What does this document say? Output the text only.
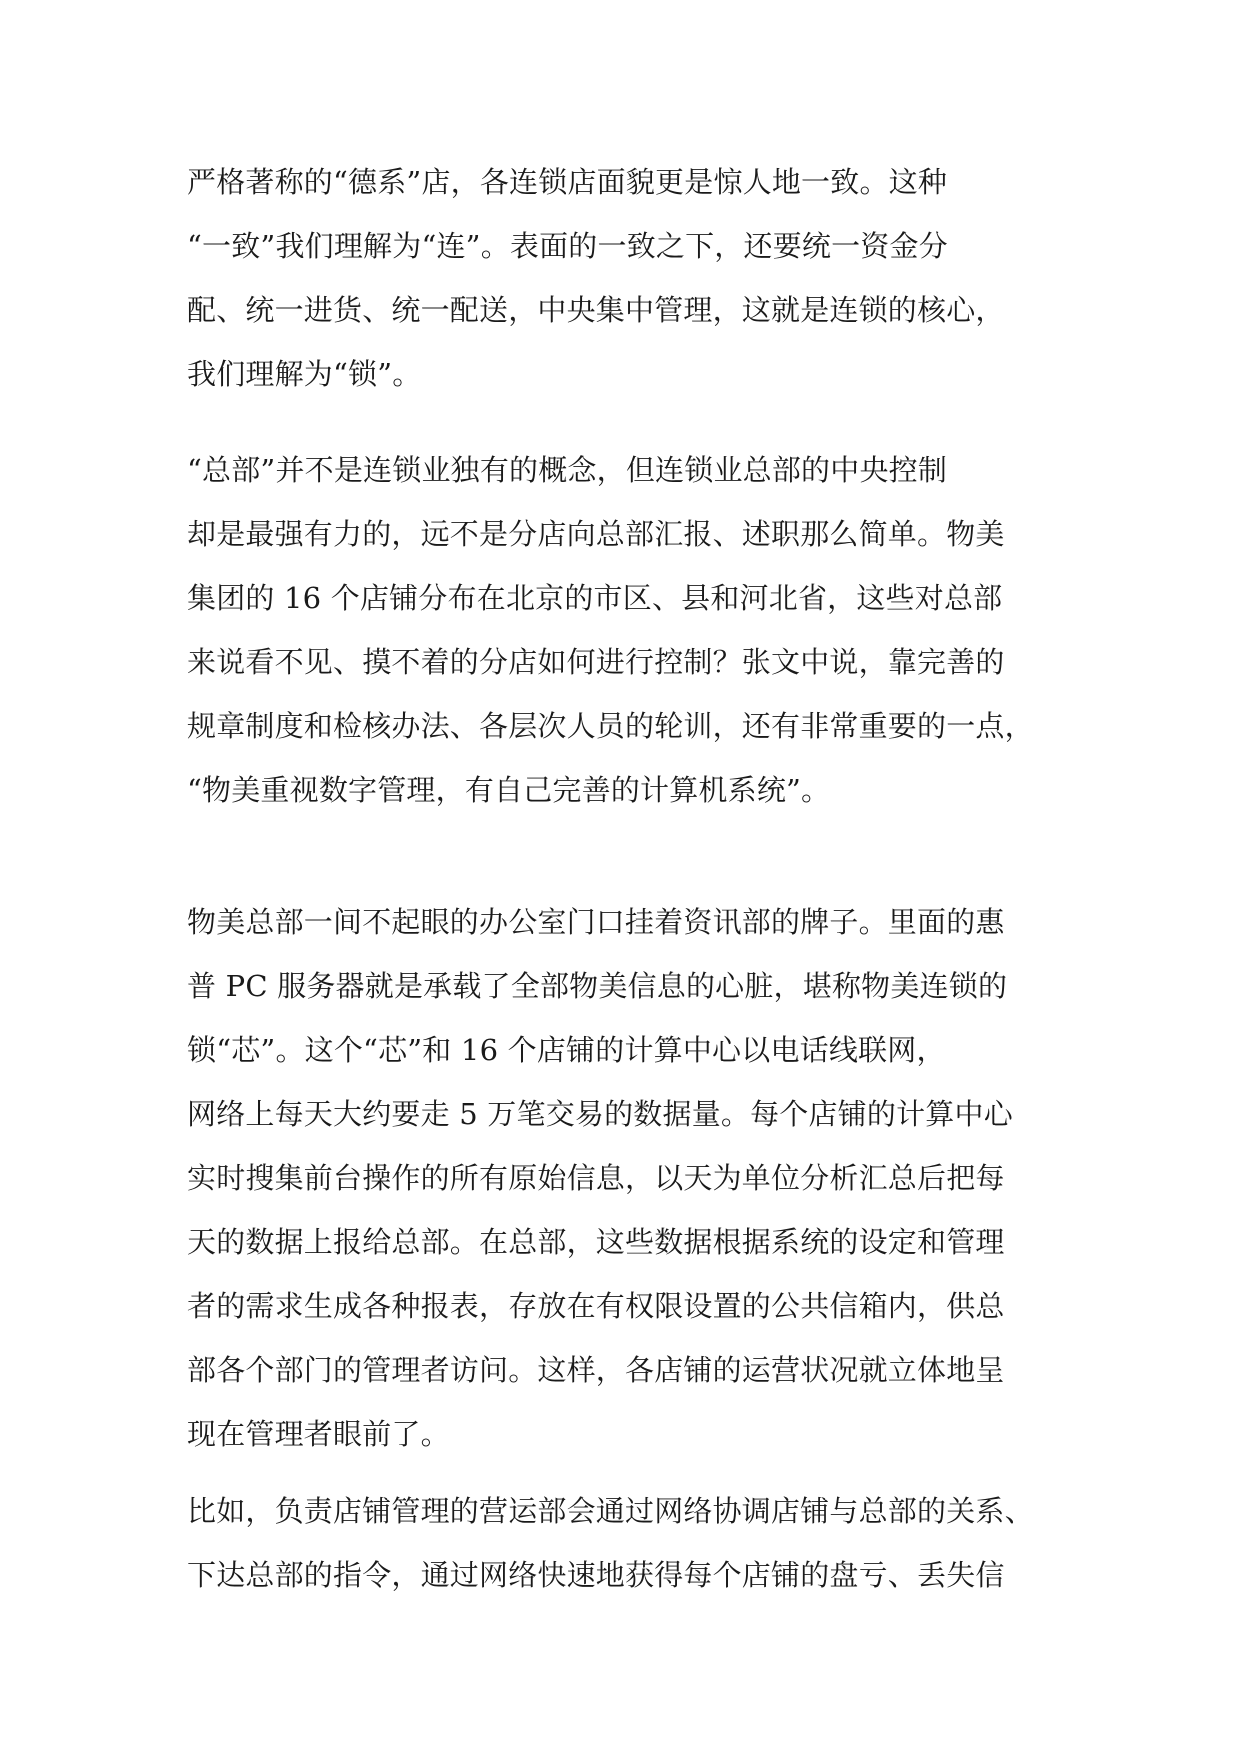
严格著称的“德系”店，各连锁店面貌更是惊人地一致。这种
“一致”我们理解为“连”。表面的一致之下，还要统一资金分
配、统一进货、统一配送，中央集中管理，这就是连锁的核心，
我们理解为“锁”。
“总部”并不是连锁业独有的概念，但连锁业总部的中央控制
却是最强有力的，远不是分店向总部汇报、述职那么简单。物美
集团的 16 个店铺分布在北京的市区、县和河北省，这些对总部
来说看不见、摸不着的分店如何进行控制？张文中说，靠完善的
规章制度和检核办法、各层次人员的轮训，还有非常重要的一点，
“物美重视数字管理，有自己完善的计算机系统”。
物美总部一间不起眼的办公室门口挂着资讯部的牌子。里面的惠
普 PC 服务器就是承载了全部物美信息的心脏，堪称物美连锁的
锁“芯”。这个“芯”和 16 个店铺的计算中心以电话线联网，
网络上每天大约要走 5 万笔交易的数据量。每个店铺的计算中心
实时搜集前台操作的所有原始信息，以天为单位分析汇总后把每
天的数据上报给总部。在总部，这些数据根据系统的设定和管理
者的需求生成各种报表，存放在有权限设置的公共信箱内，供总
部各个部门的管理者访问。这样，各店铺的运营状况就立体地呈
现在管理者眼前了。
比如，负责店铺管理的营运部会通过网络协调店铺与总部的关系、
下达总部的指令，通过网络快速地获得每个店铺的盘亏、丢失信
